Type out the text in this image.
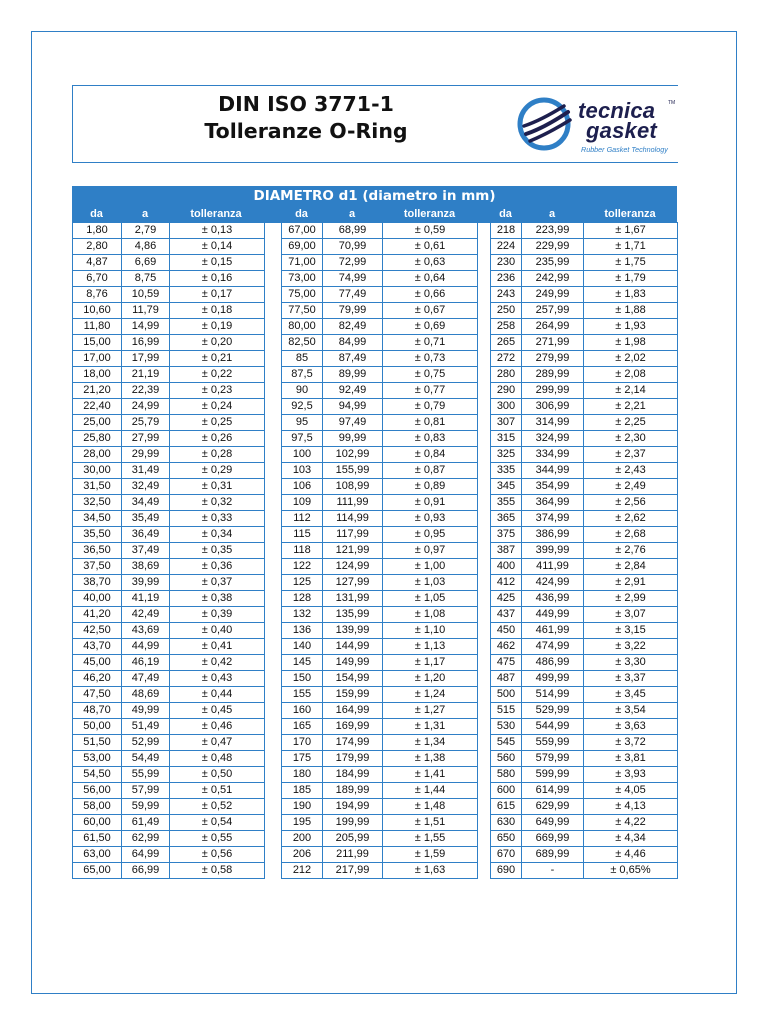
DIN ISO 3771-1
Tolleranze O-Ring
tecnica
gasket
TM
Rubber Gasket Technology
DIAMETRO d1 (diametro in mm)
da	a	tolleranza	da	a	tolleranza	da	a	tolleranza
1,80	2,79	± 0,13
2,80	4,86	± 0,14
4,87	6,69	± 0,15
6,70	8,75	± 0,16
8,76	10,59	± 0,17
10,60	11,79	± 0,18
11,80	14,99	± 0,19
15,00	16,99	± 0,20
17,00	17,99	± 0,21
18,00	21,19	± 0,22
21,20	22,39	± 0,23
22,40	24,99	± 0,24
25,00	25,79	± 0,25
25,80	27,99	± 0,26
28,00	29,99	± 0,28
30,00	31,49	± 0,29
31,50	32,49	± 0,31
32,50	34,49	± 0,32
34,50	35,49	± 0,33
35,50	36,49	± 0,34
36,50	37,49	± 0,35
37,50	38,69	± 0,36
38,70	39,99	± 0,37
40,00	41,19	± 0,38
41,20	42,49	± 0,39
42,50	43,69	± 0,40
43,70	44,99	± 0,41
45,00	46,19	± 0,42
46,20	47,49	± 0,43
47,50	48,69	± 0,44
48,70	49,99	± 0,45
50,00	51,49	± 0,46
51,50	52,99	± 0,47
53,00	54,49	± 0,48
54,50	55,99	± 0,50
56,00	57,99	± 0,51
58,00	59,99	± 0,52
60,00	61,49	± 0,54
61,50	62,99	± 0,55
63,00	64,99	± 0,56
65,00	66,99	± 0,58
67,00	68,99	± 0,59
69,00	70,99	± 0,61
71,00	72,99	± 0,63
73,00	74,99	± 0,64
75,00	77,49	± 0,66
77,50	79,99	± 0,67
80,00	82,49	± 0,69
82,50	84,99	± 0,71
85	87,49	± 0,73
87,5	89,99	± 0,75
90	92,49	± 0,77
92,5	94,99	± 0,79
95	97,49	± 0,81
97,5	99,99	± 0,83
100	102,99	± 0,84
103	155,99	± 0,87
106	108,99	± 0,89
109	111,99	± 0,91
112	114,99	± 0,93
115	117,99	± 0,95
118	121,99	± 0,97
122	124,99	± 1,00
125	127,99	± 1,03
128	131,99	± 1,05
132	135,99	± 1,08
136	139,99	± 1,10
140	144,99	± 1,13
145	149,99	± 1,17
150	154,99	± 1,20
155	159,99	± 1,24
160	164,99	± 1,27
165	169,99	± 1,31
170	174,99	± 1,34
175	179,99	± 1,38
180	184,99	± 1,41
185	189,99	± 1,44
190	194,99	± 1,48
195	199,99	± 1,51
200	205,99	± 1,55
206	211,99	± 1,59
212	217,99	± 1,63
218	223,99	± 1,67
224	229,99	± 1,71
230	235,99	± 1,75
236	242,99	± 1,79
243	249,99	± 1,83
250	257,99	± 1,88
258	264,99	± 1,93
265	271,99	± 1,98
272	279,99	± 2,02
280	289,99	± 2,08
290	299,99	± 2,14
300	306,99	± 2,21
307	314,99	± 2,25
315	324,99	± 2,30
325	334,99	± 2,37
335	344,99	± 2,43
345	354,99	± 2,49
355	364,99	± 2,56
365	374,99	± 2,62
375	386,99	± 2,68
387	399,99	± 2,76
400	411,99	± 2,84
412	424,99	± 2,91
425	436,99	± 2,99
437	449,99	± 3,07
450	461,99	± 3,15
462	474,99	± 3,22
475	486,99	± 3,30
487	499,99	± 3,37
500	514,99	± 3,45
515	529,99	± 3,54
530	544,99	± 3,63
545	559,99	± 3,72
560	579,99	± 3,81
580	599,99	± 3,93
600	614,99	± 4,05
615	629,99	± 4,13
630	649,99	± 4,22
650	669,99	± 4,34
670	689,99	± 4,46
690	-	± 0,65%
